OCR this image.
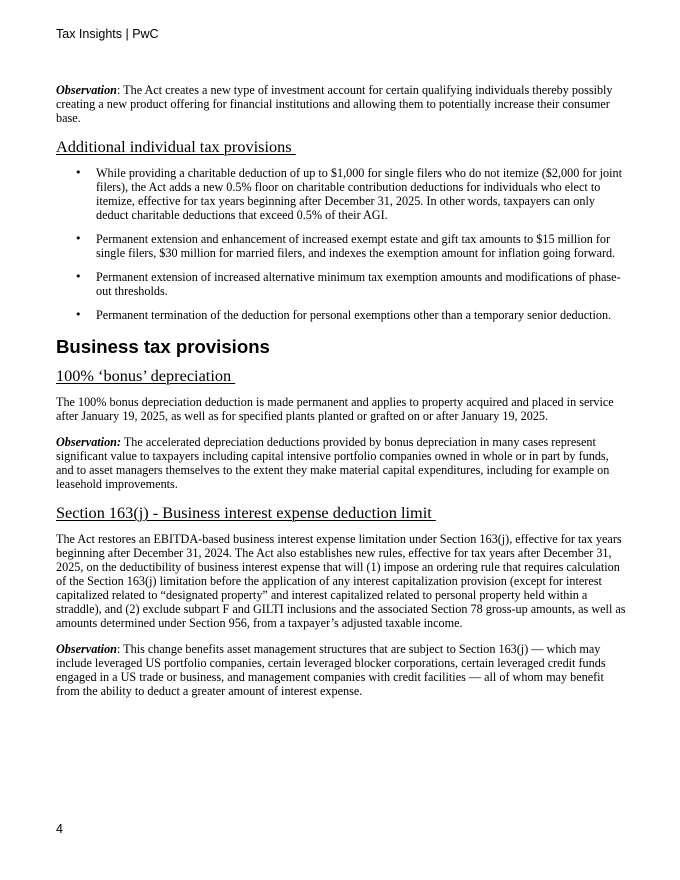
Tax Insights | PwC

Observation: The Act creates a new type of investment account for certain qualifying individuals thereby possibly creating a new product offering for financial institutions and allowing them to potentially increase their consumer base.

Additional individual tax provisions
• While providing a charitable deduction of up to $1,000 for single filers who do not itemize ($2,000 for joint filers), the Act adds a new 0.5% floor on charitable contribution deductions for individuals who elect to itemize, effective for tax years beginning after December 31, 2025. In other words, taxpayers can only deduct charitable deductions that exceed 0.5% of their AGI.
• Permanent extension and enhancement of increased exempt estate and gift tax amounts to $15 million for single filers, $30 million for married filers, and indexes the exemption amount for inflation going forward.
• Permanent extension of increased alternative minimum tax exemption amounts and modifications of phase-out thresholds.
• Permanent termination of the deduction for personal exemptions other than a temporary senior deduction.
Business tax provisions
100% ‘bonus’ depreciation

The 100% bonus depreciation deduction is made permanent and applies to property acquired and placed in service after January 19, 2025, as well as for specified plants planted or grafted on or after January 19, 2025.

Observation: The accelerated depreciation deductions provided by bonus depreciation in many cases represent significant value to taxpayers including capital intensive portfolio companies owned in whole or in part by funds, and to asset managers themselves to the extent they make material capital expenditures, including for example on leasehold improvements.

Section 163(j) - Business interest expense deduction limit

The Act restores an EBITDA-based business interest expense limitation under Section 163(j), effective for tax years beginning after December 31, 2024. The Act also establishes new rules, effective for tax years after December 31, 2025, on the deductibility of business interest expense that will (1) impose an ordering rule that requires calculation of the Section 163(j) limitation before the application of any interest capitalization provision (except for interest capitalized related to “designated property” and interest capitalized related to personal property held within a straddle), and (2) exclude subpart F and GILTI inclusions and the associated Section 78 gross-up amounts, as well as amounts determined under Section 956, from a taxpayer’s adjusted taxable income.

Observation: This change benefits asset management structures that are subject to Section 163(j) — which may include leveraged US portfolio companies, certain leveraged blocker corporations, certain leveraged credit funds engaged in a US trade or business, and management companies with credit facilities — all of whom may benefit from the ability to deduct a greater amount of interest expense.

4
